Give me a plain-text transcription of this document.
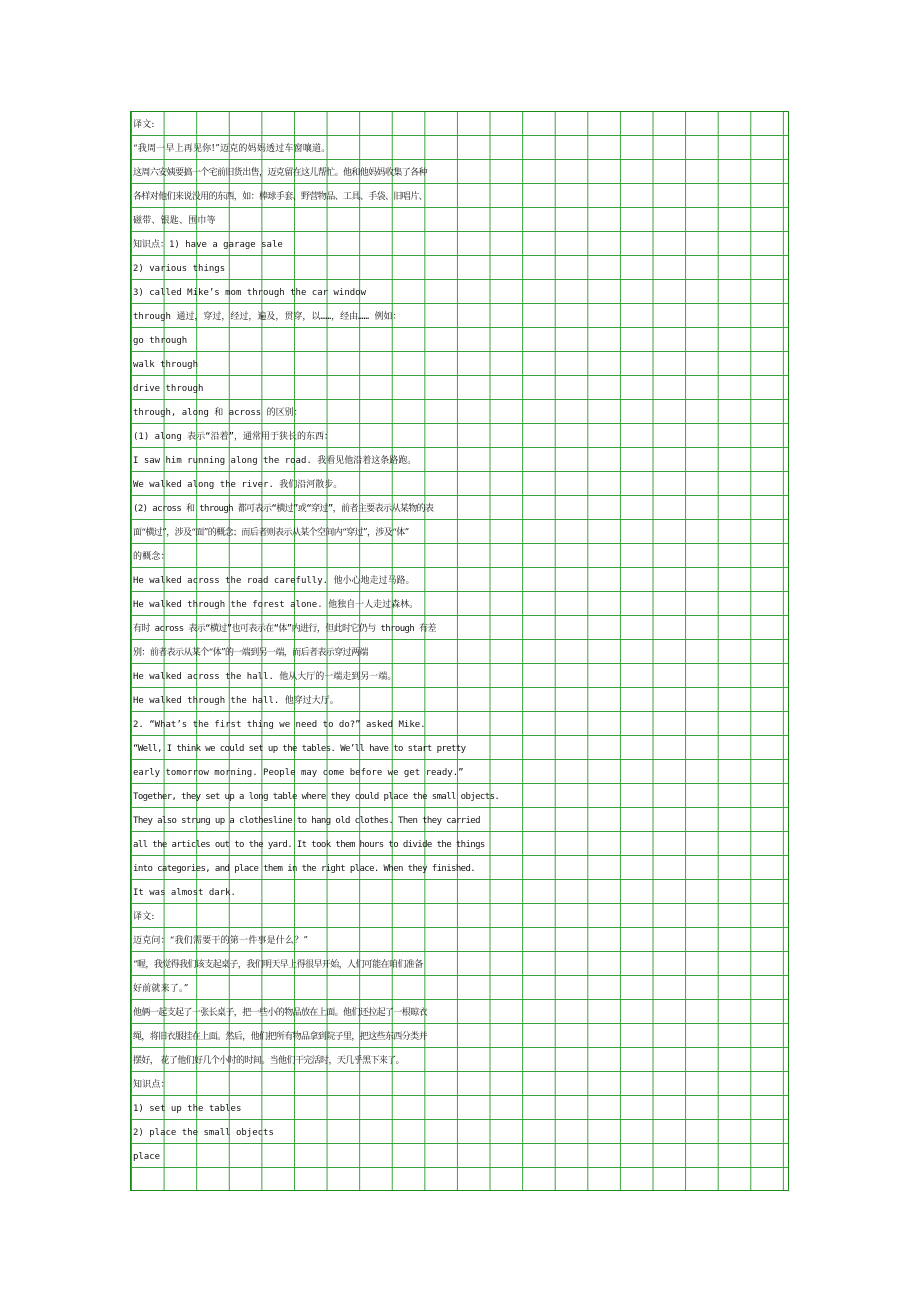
译文:
“我周一早上再见你!”迈克的妈妈透过车窗嚷道。
这周六安姨要搞一个宅前旧货出售，迈克留在这儿帮忙。他和他妈妈收集了各种
各样对他们来说没用的东西，如：棒球手套、野营物品、工具、手袋、旧唱片、
磁带、银匙、围巾等
知识点：1) have a garage sale
2) various things
3) called Mike’s mom through the car window
through 通过，穿过，经过，遍及，贯穿，以……，经由…… 例如：
go through
walk through
drive through
through, along 和 across 的区别：
(1) along 表示“沿着”，通常用于狭长的东西：
I saw him running along the road. 我看见他沿着这条路跑。
We walked along the river. 我们沿河散步。
(2) across 和 through 都可表示“横过”或“穿过”，前者主要表示从某物的表
面“横过”，涉及“面”的概念；而后者则表示从某个空间内“穿过”，涉及“体”
的概念：
He walked across the road carefully. 他小心地走过马路。
He walked through the forest alone. 他独自一人走过森林。
有时 across 表示“横过”也可表示在“体”内进行，但此时它仍与 through 有差
别：前者表示从某个“体”的一端到另一端，而后者表示穿过两端
He walked across the hall. 他从大厅的一端走到另一端。
He walked through the hall. 他穿过大厅。
2. “What’s the first thing we need to do?” asked Mike.
“Well, I think we could set up the tables. We’ll have to start pretty
early tomorrow morning. People may come before we get ready.”
Together, they set up a long table where they could place the small objects.
They also strung up a clothesline to hang old clothes. Then they carried
all the articles out to the yard. It took them hours to divide the things
into categories, and place them in the right place. When they finished.
It was almost dark.
译文:
迈克问：“我们需要干的第一件事是什么？”
“喔，我觉得我们该支起桌子，我们明天早上得很早开始，人们可能在咱们准备
好前就来了。”
他俩一起支起了一张长桌子，把一些小的物品放在上面。他们还拉起了一根晾衣
绳，将旧衣服挂在上面。然后，他们把所有物品拿到院子里，把这些东西分类并
摆好， 花了他们好几个小时的时间。当他们干完活时，天几乎黑下来了。
知识点：
1) set up the tables
2) place the small objects
place
